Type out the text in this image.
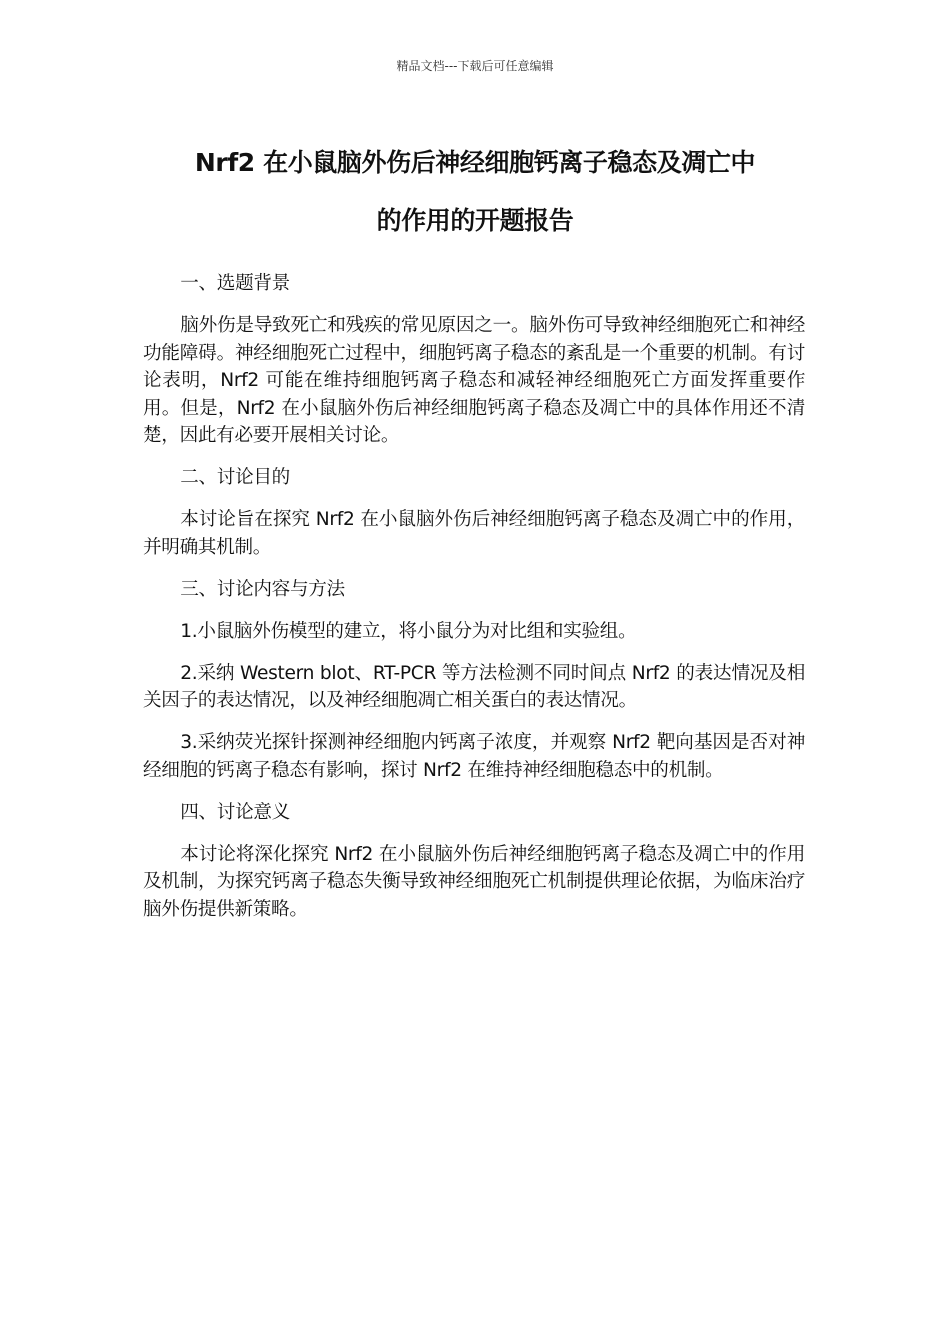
精品文档---下载后可任意编辑
Nrf2 在小鼠脑外伤后神经细胞钙离子稳态及凋亡中
的作用的开题报告

一、选题背景

脑外伤是导致死亡和残疾的常见原因之一。脑外伤可导致神经细胞死亡和神经功能障碍。神经细胞死亡过程中，细胞钙离子稳态的紊乱是一个重要的机制。有讨论表明，Nrf2 可能在维持细胞钙离子稳态和减轻神经细胞死亡方面发挥重要作用。但是，Nrf2 在小鼠脑外伤后神经细胞钙离子稳态及凋亡中的具体作用还不清楚，因此有必要开展相关讨论。

二、讨论目的

本讨论旨在探究 Nrf2 在小鼠脑外伤后神经细胞钙离子稳态及凋亡中的作用，并明确其机制。

三、讨论内容与方法

1.小鼠脑外伤模型的建立，将小鼠分为对比组和实验组。

2.采纳 Western blot、RT-PCR 等方法检测不同时间点 Nrf2 的表达情况及相关因子的表达情况，以及神经细胞凋亡相关蛋白的表达情况。

3.采纳荧光探针探测神经细胞内钙离子浓度，并观察 Nrf2 靶向基因是否对神经细胞的钙离子稳态有影响，探讨 Nrf2 在维持神经细胞稳态中的机制。

四、讨论意义

本讨论将深化探究 Nrf2 在小鼠脑外伤后神经细胞钙离子稳态及凋亡中的作用及机制，为探究钙离子稳态失衡导致神经细胞死亡机制提供理论依据，为临床治疗脑外伤提供新策略。
